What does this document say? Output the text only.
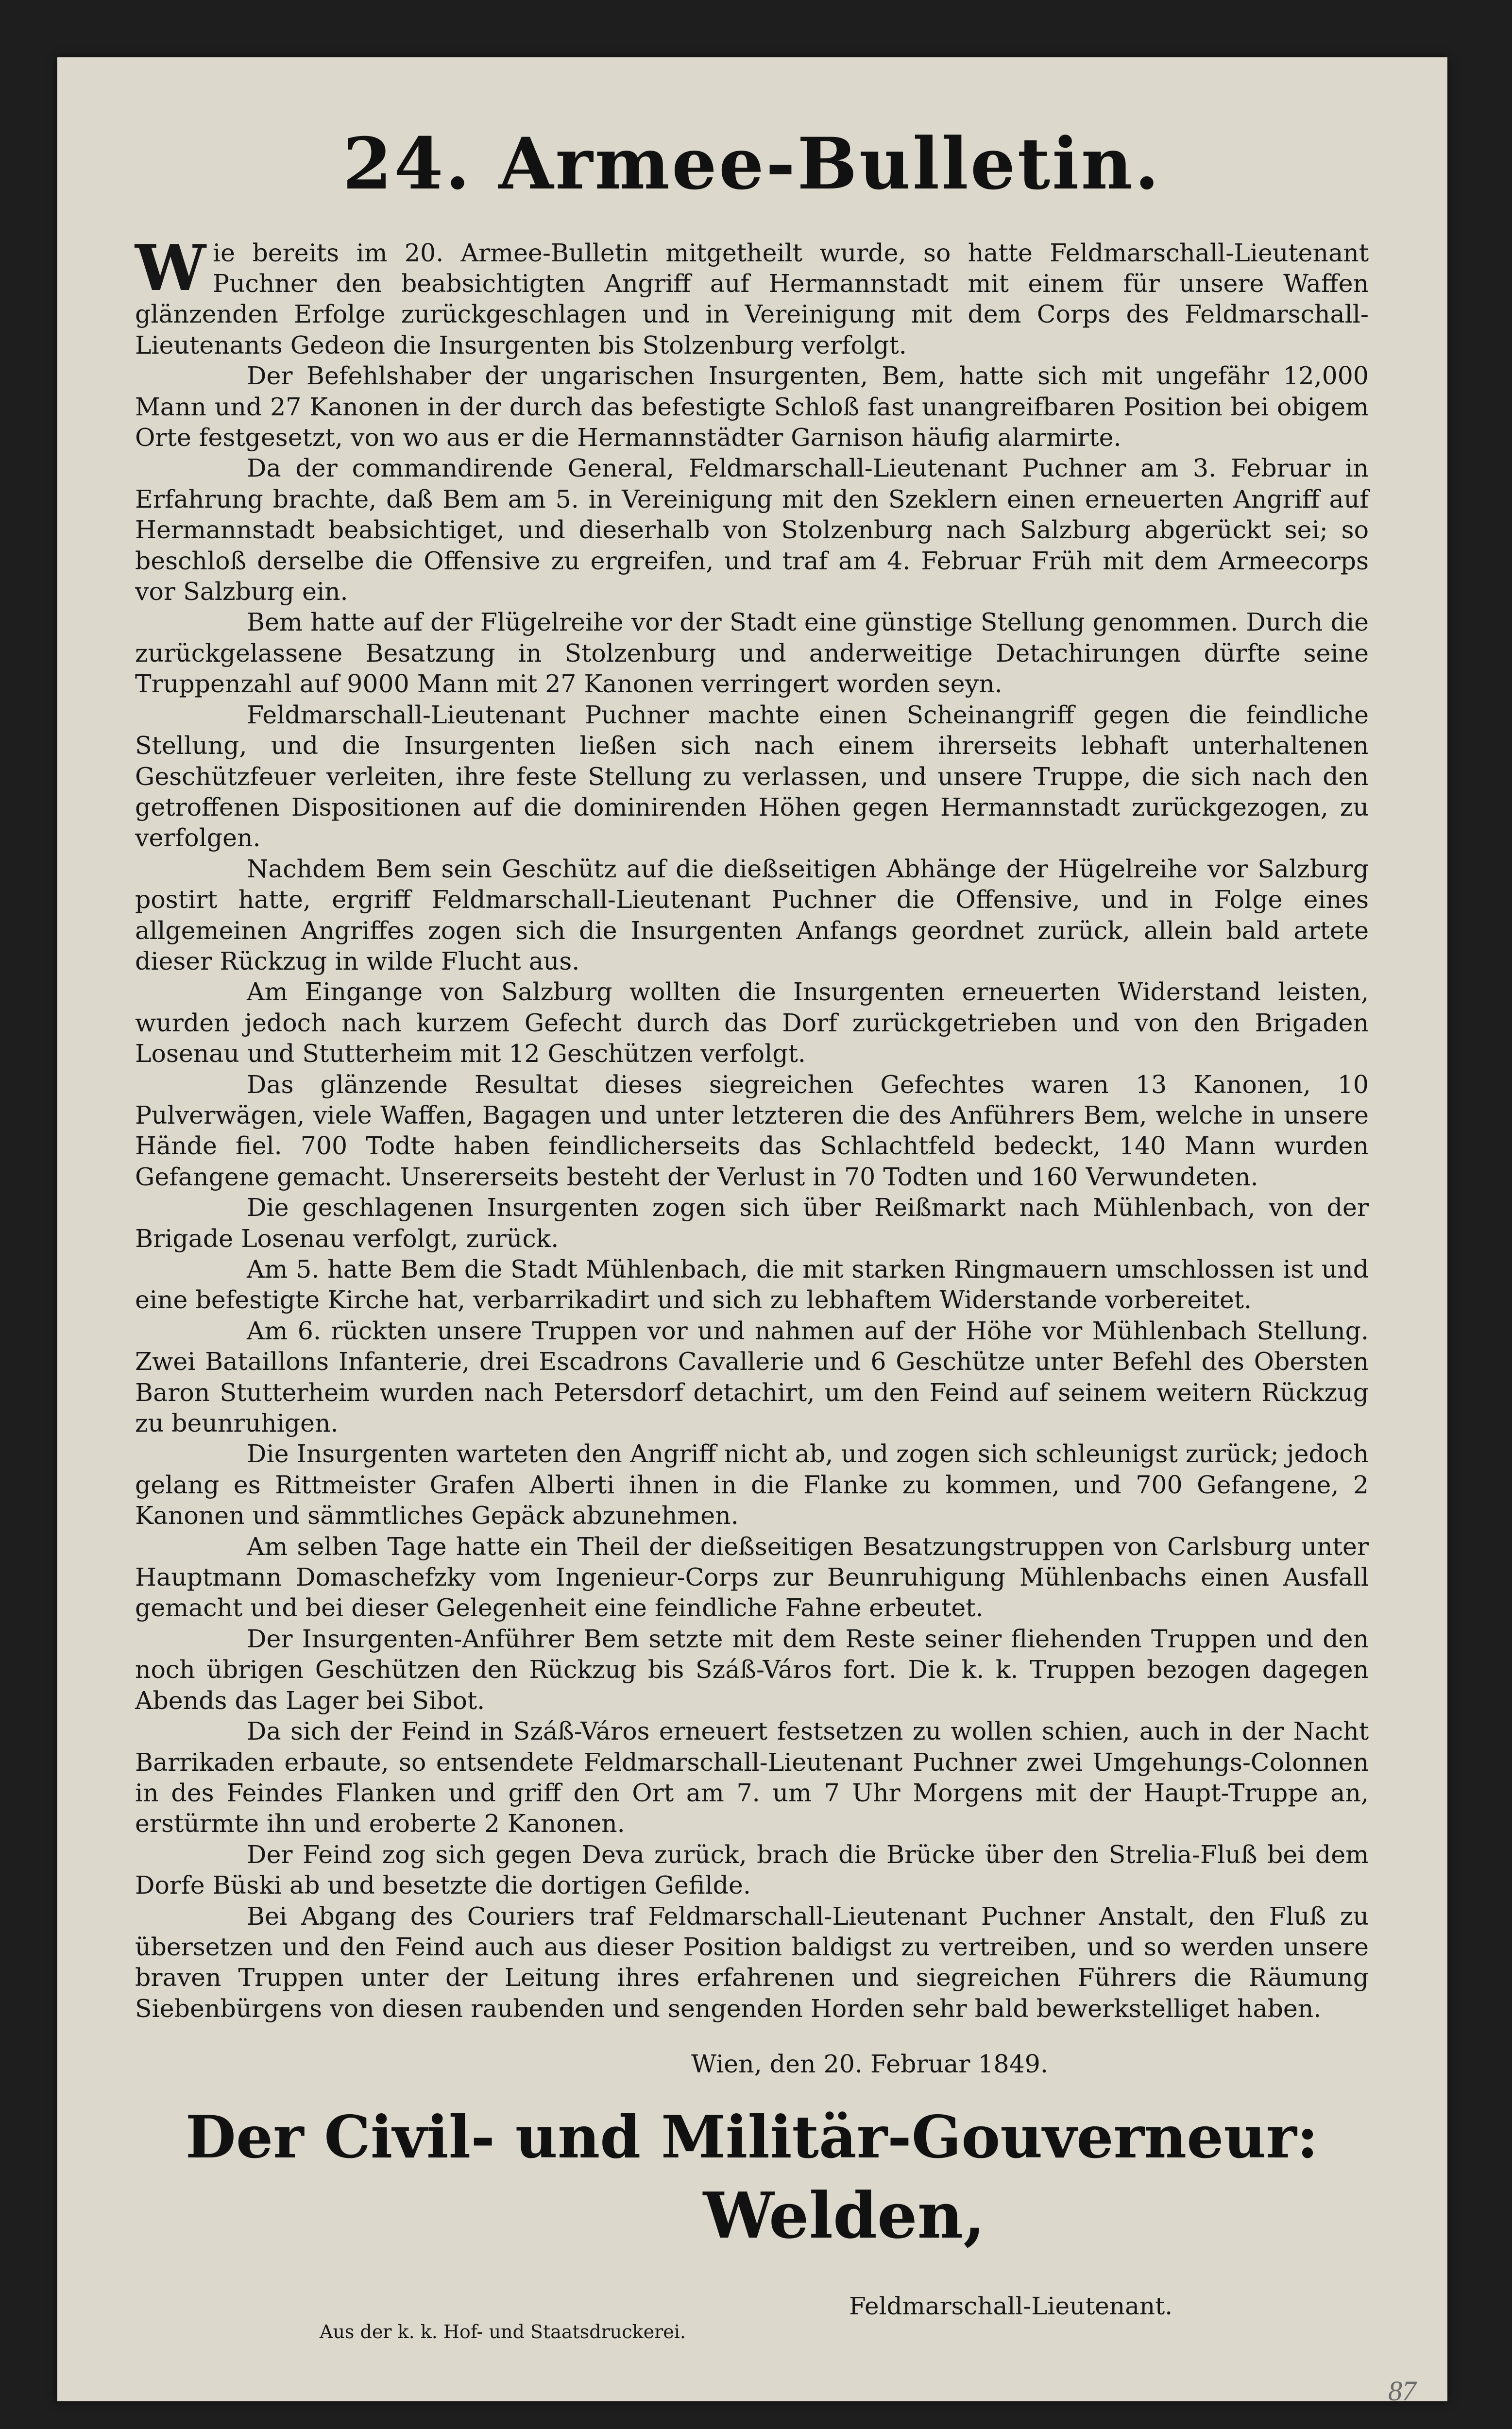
24. Armee-Bulletin.

Wie bereits im 20. Armee-Bulletin mitgetheilt wurde, so hatte Feldmarschall-Lieutenant Puchner den beabsichtigten Angriff auf Hermannstadt mit einem für unsere Waffen glänzenden Erfolge zurückgeschlagen und in Vereinigung mit dem Corps des Feldmarschall-Lieutenants Gedeon die Insurgenten bis Stolzenburg verfolgt.

Der Befehlshaber der ungarischen Insurgenten, Bem, hatte sich mit ungefähr 12,000 Mann und 27 Kanonen in der durch das befestigte Schloß fast unangreifbaren Position bei obigem Orte festgesetzt, von wo aus er die Hermannstädter Garnison häufig alarmirte.

Da der commandirende General, Feldmarschall-Lieutenant Puchner am 3. Februar in Erfahrung brachte, daß Bem am 5. in Vereinigung mit den Szeklern einen erneuerten Angriff auf Hermannstadt beabsichtiget, und dieserhalb von Stolzenburg nach Salzburg abgerückt sei; so beschloß derselbe die Offensive zu ergreifen, und traf am 4. Februar Früh mit dem Armeecorps vor Salzburg ein.

Bem hatte auf der Flügelreihe vor der Stadt eine günstige Stellung genommen. Durch die zurückgelassene Besatzung in Stolzenburg und anderweitige Detachirungen dürfte seine Truppenzahl auf 9000 Mann mit 27 Kanonen verringert worden seyn.

Feldmarschall-Lieutenant Puchner machte einen Scheinangriff gegen die feindliche Stellung, und die Insurgenten ließen sich nach einem ihrerseits lebhaft unterhaltenen Geschützfeuer verleiten, ihre feste Stellung zu verlassen, und unsere Truppe, die sich nach den getroffenen Dispositionen auf die dominirenden Höhen gegen Hermannstadt zurückgezogen, zu verfolgen.

Nachdem Bem sein Geschütz auf die dießseitigen Abhänge der Hügelreihe vor Salzburg postirt hatte, ergriff Feldmarschall-Lieutenant Puchner die Offensive, und in Folge eines allgemeinen Angriffes zogen sich die Insurgenten Anfangs geordnet zurück, allein bald artete dieser Rückzug in wilde Flucht aus.

Am Eingange von Salzburg wollten die Insurgenten erneuerten Widerstand leisten, wurden jedoch nach kurzem Gefecht durch das Dorf zurückgetrieben und von den Brigaden Losenau und Stutterheim mit 12 Geschützen verfolgt.

Das glänzende Resultat dieses siegreichen Gefechtes waren 13 Kanonen, 10 Pulverwägen, viele Waffen, Bagagen und unter letzteren die des Anführers Bem, welche in unsere Hände fiel. 700 Todte haben feindlicherseits das Schlachtfeld bedeckt, 140 Mann wurden Gefangene gemacht. Unsererseits besteht der Verlust in 70 Todten und 160 Verwundeten.

Die geschlagenen Insurgenten zogen sich über Reißmarkt nach Mühlenbach, von der Brigade Losenau verfolgt, zurück.

Am 5. hatte Bem die Stadt Mühlenbach, die mit starken Ringmauern umschlossen ist und eine befestigte Kirche hat, verbarrikadirt und sich zu lebhaftem Widerstande vorbereitet.

Am 6. rückten unsere Truppen vor und nahmen auf der Höhe vor Mühlenbach Stellung. Zwei Bataillons Infanterie, drei Escadrons Cavallerie und 6 Geschütze unter Befehl des Obersten Baron Stutterheim wurden nach Petersdorf detachirt, um den Feind auf seinem weitern Rückzug zu beunruhigen.

Die Insurgenten warteten den Angriff nicht ab, und zogen sich schleunigst zurück; jedoch gelang es Rittmeister Grafen Alberti ihnen in die Flanke zu kommen, und 700 Gefangene, 2 Kanonen und sämmtliches Gepäck abzunehmen.

Am selben Tage hatte ein Theil der dießseitigen Besatzungstruppen von Carlsburg unter Hauptmann Domaschefzky vom Ingenieur-Corps zur Beunruhigung Mühlenbachs einen Ausfall gemacht und bei dieser Gelegenheit eine feindliche Fahne erbeutet.

Der Insurgenten-Anführer Bem setzte mit dem Reste seiner fliehenden Truppen und den noch übrigen Geschützen den Rückzug bis Száß-Város fort. Die k. k. Truppen bezogen dagegen Abends das Lager bei Sibot.

Da sich der Feind in Száß-Város erneuert festsetzen zu wollen schien, auch in der Nacht Barrikaden erbaute, so entsendete Feldmarschall-Lieutenant Puchner zwei Umgehungs-Colonnen in des Feindes Flanken und griff den Ort am 7. um 7 Uhr Morgens mit der Haupt-Truppe an, erstürmte ihn und eroberte 2 Kanonen.

Der Feind zog sich gegen Deva zurück, brach die Brücke über den Strelia-Fluß bei dem Dorfe Büski ab und besetzte die dortigen Gefilde.

Bei Abgang des Couriers traf Feldmarschall-Lieutenant Puchner Anstalt, den Fluß zu übersetzen und den Feind auch aus dieser Position baldigst zu vertreiben, und so werden unsere braven Truppen unter der Leitung ihres erfahrenen und siegreichen Führers die Räumung Siebenbürgens von diesen raubenden und sengenden Horden sehr bald bewerkstelliget haben.

Wien, den 20. Februar 1849.

Der Civil- und Militär-Gouverneur:
Welden,
Feldmarschall-Lieutenant.
Aus der k. k. Hof- und Staatsdruckerei.
87
